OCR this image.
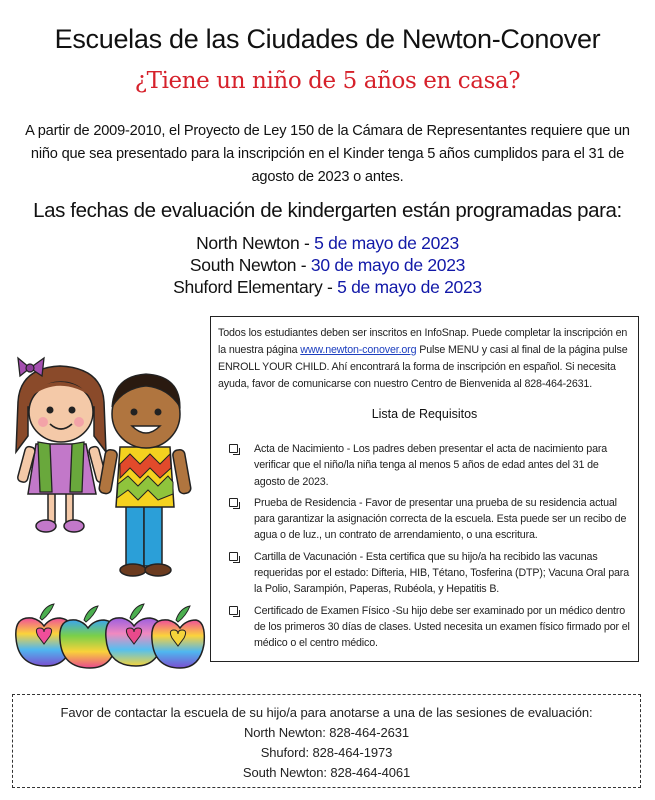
Escuelas de las Ciudades de Newton-Conover
¿Tiene un niño de 5 años en casa?
A partir de 2009-2010, el Proyecto de Ley 150 de la Cámara de Representantes requiere que un niño que sea presentado para la inscripción en el Kinder tenga 5 años cumplidos para el 31 de agosto de 2023 o antes.
Las fechas de evaluación de kindergarten están programadas para:
North Newton - 5 de mayo de 2023
South Newton - 30 de mayo de 2023
Shuford Elementary - 5 de mayo de 2023

Todos los estudiantes deben ser inscritos en InfoSnap. Puede completar la inscripción en la nuestra página www.newton-conover.org Pulse MENU y casi al final de la página pulse ENROLL YOUR CHILD. Ahí encontrará la forma de inscripción en español. Si necesita ayuda, favor de comunicarse con nuestro Centro de Bienvenida al 828-464-2631.

Lista de Requisitos
Acta de Nacimiento - Los padres deben presentar el acta de nacimiento para verificar que el niño/la niña tenga al menos 5 años de edad antes del 31 de agosto de 2023.
Prueba de Residencia - Favor de presentar una prueba de su residencia actual para garantizar la asignación correcta de la escuela. Esta puede ser un recibo de agua o de luz., un contrato de arrendamiento, o una escritura.
Cartilla de Vacunación - Esta certifica que su hijo/a ha recibido las vacunas requeridas por el estado: Difteria, HIB, Tétano, Tosferina (DTP); Vacuna Oral para la Polio, Sarampión, Paperas, Rubéola, y Hepatitis B.
Certificado de Examen Físico -Su hijo debe ser examinado por un médico dentro de los primeros 30 días de clases. Usted necesita un examen físico firmado por el médico o el centro médico.
Favor de contactar la escuela de su hijo/a para anotarse a una de las sesiones de evaluación:
North Newton: 828-464-2631
Shuford: 828-464-1973
South Newton: 828-464-4061
